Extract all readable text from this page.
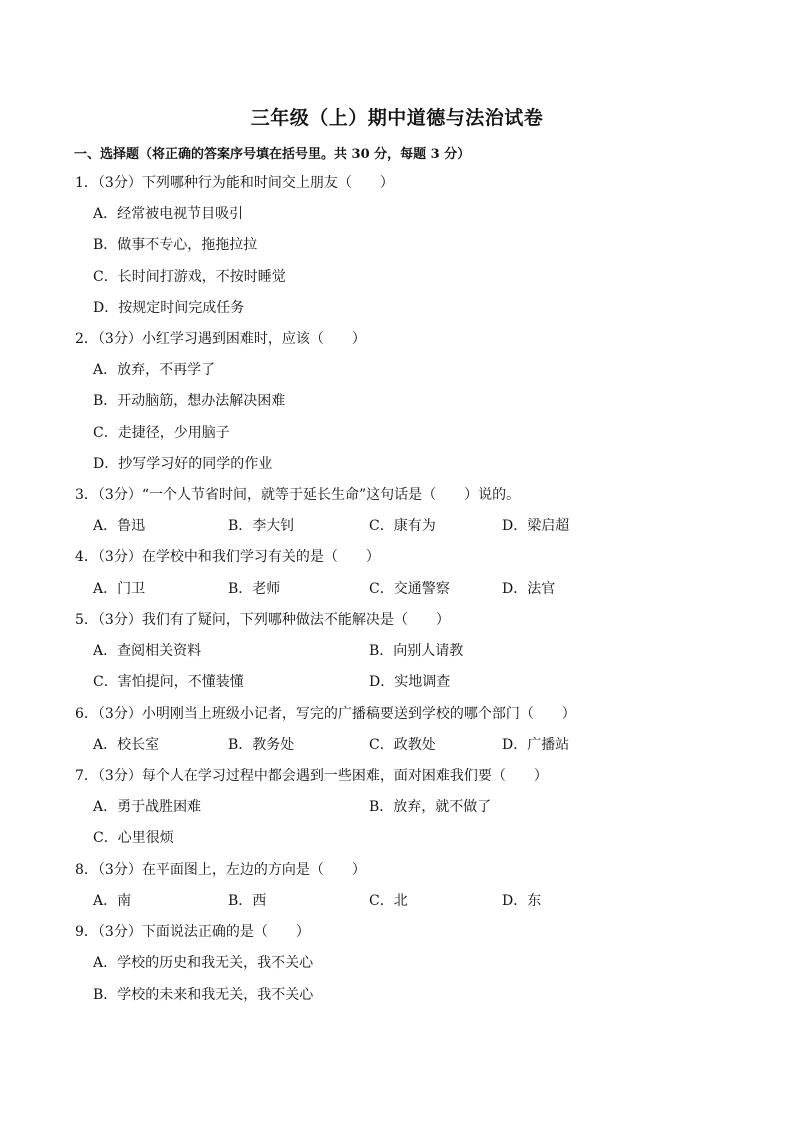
三年级（上）期中道德与法治试卷
一、选择题（将正确的答案序号填在括号里。共 30 分，每题 3 分）
1．（3分）下列哪种行为能和时间交上朋友（　　）
A．经常被电视节目吸引
B．做事不专心，拖拖拉拉
C．长时间打游戏，不按时睡觉
D．按规定时间完成任务
2．（3分）小红学习遇到困难时，应该（　　）
A．放弃，不再学了
B．开动脑筋，想办法解决困难
C．走捷径，少用脑子
D．抄写学习好的同学的作业
3．（3分）“一个人节省时间，就等于延长生命”这句话是（　　）说的。
A．鲁迅	B．李大钊	C．康有为	D．梁启超
4．（3分）在学校中和我们学习有关的是（　　）
A．门卫	B．老师	C．交通警察	D．法官
5．（3分）我们有了疑问，下列哪种做法不能解决是（　　）
A．查阅相关资料	B．向别人请教
C．害怕提问，不懂装懂	D．实地调查
6．（3分）小明刚当上班级小记者，写完的广播稿要送到学校的哪个部门（　　）
A．校长室	B．教务处	C．政教处	D．广播站
7．（3分）每个人在学习过程中都会遇到一些困难，面对困难我们要（　　）
A．勇于战胜困难	B．放弃，就不做了
C．心里很烦
8．（3分）在平面图上，左边的方向是（　　）
A．南	B．西	C．北	D．东
9．（3分）下面说法正确的是（　　）
A．学校的历史和我无关，我不关心
B．学校的未来和我无关，我不关心
